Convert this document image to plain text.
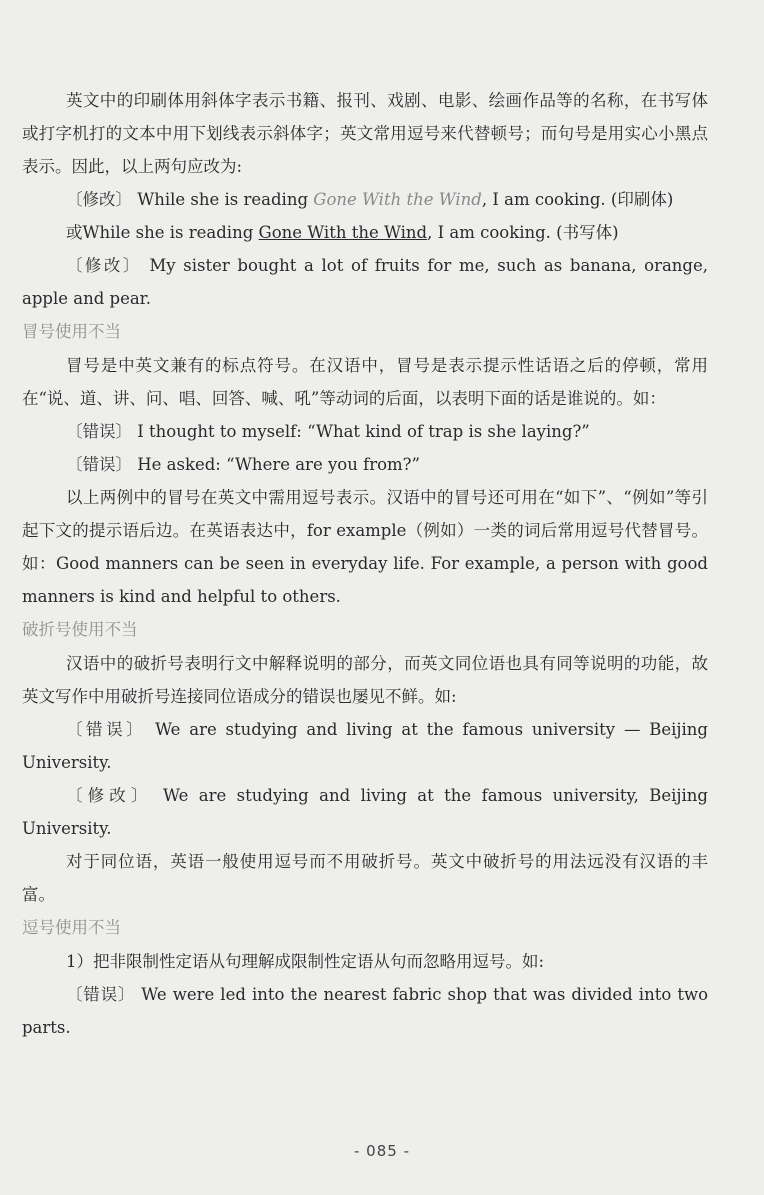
英文中的印刷体用斜体字表示书籍、报刊、戏剧、电影、绘画作品等的名称，在书写体或打字机打的文本中用下划线表示斜体字；英文常用逗号来代替顿号；而句号是用实心小黑点表示。因此，以上两句应改为:

〔修改〕 While she is reading Gone With the Wind, I am cooking. (印刷体)

或While she is reading Gone With the Wind, I am cooking. (书写体)

〔修改〕 My sister bought a lot of fruits for me, such as banana, orange, apple and pear.

冒号使用不当

冒号是中英文兼有的标点符号。在汉语中，冒号是表示提示性话语之后的停顿，常用在“说、道、讲、问、唱、回答、喊、吼”等动词的后面，以表明下面的话是谁说的。如：

〔错误〕 I thought to myself: “What kind of trap is she laying?”

〔错误〕 He asked: “Where are you from?”

以上两例中的冒号在英文中需用逗号表示。汉语中的冒号还可用在“如下”、“例如”等引起下文的提示语后边。在英语表达中，for example（例如）一类的词后常用逗号代替冒号。如：Good manners can be seen in everyday life. For example, a person with good manners is kind and helpful to others.

破折号使用不当

汉语中的破折号表明行文中解释说明的部分，而英文同位语也具有同等说明的功能，故英文写作中用破折号连接同位语成分的错误也屡见不鲜。如:

〔错误〕 We are studying and living at the famous university — Beijing University.

〔修改〕 We are studying and living at the famous university, Beijing University.

对于同位语，英语一般使用逗号而不用破折号。英文中破折号的用法远没有汉语的丰富。

逗号使用不当

1）把非限制性定语从句理解成限制性定语从句而忽略用逗号。如:

〔错误〕 We were led into the nearest fabric shop that was divided into two parts.

- 085 -
